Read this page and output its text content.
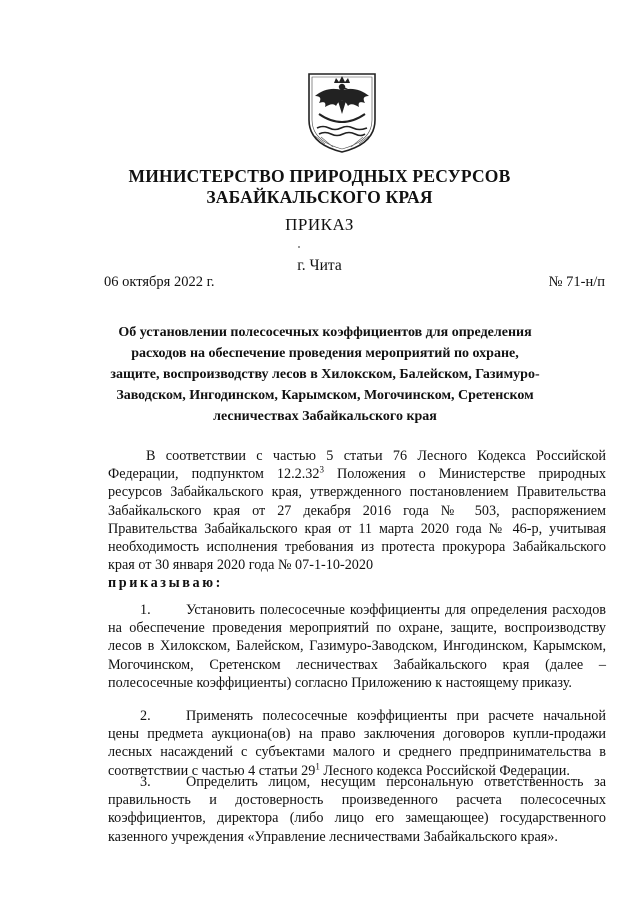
МИНИСТЕРСТВО ПРИРОДНЫХ РЕСУРСОВ
ЗАБАЙКАЛЬСКОГО КРАЯ
ПРИКАЗ
г. Чита
06 октября 2022 г.	№ 71-н/п
Об установлении полесосечных коэффициентов для определения расходов на обеспечение проведения мероприятий по охране, защите, воспроизводству лесов в Хилокском, Балейском, Газимуро-Заводском, Ингодинском, Карымском, Могочинском, Сретенском лесничествах Забайкальского края
В соответствии с частью 5 статьи 76 Лесного Кодекса Российской Федерации, подпунктом 12.2.32$^3$ Положения о Министерстве природных ресурсов Забайкальского края, утвержденного постановлением Правительства Забайкальского края от 27 декабря 2016 года № 503, распоряжением Правительства Забайкальского края от 11 марта 2020 года № 46-р, учитывая необходимость исполнения требования из протеста прокурора Забайкальского края от 30 января 2020 года № 07-1-10-2020
приказываю:
1. Установить полесосечные коэффициенты для определения расходов на обеспечение проведения мероприятий по охране, защите, воспроизводству лесов в Хилокском, Балейском, Газимуро-Заводском, Ингодинском, Карымском, Могочинском, Сретенском лесничествах Забайкальского края (далее – полесосечные коэффициенты) согласно Приложению к настоящему приказу.
2. Применять полесосечные коэффициенты при расчете начальной цены предмета аукциона(ов) на право заключения договоров купли-продажи лесных насаждений с субъектами малого и среднего предпринимательства в соответствии с частью 4 статьи $29^1$ Лесного кодекса Российской Федерации.
3. Определить лицом, несущим персональную ответственность за правильность и достоверность произведенного расчета полесосечных коэффициентов, директора (либо лицо его замещающее) государственного казенного учреждения «Управление лесничествами Забайкальского края».
